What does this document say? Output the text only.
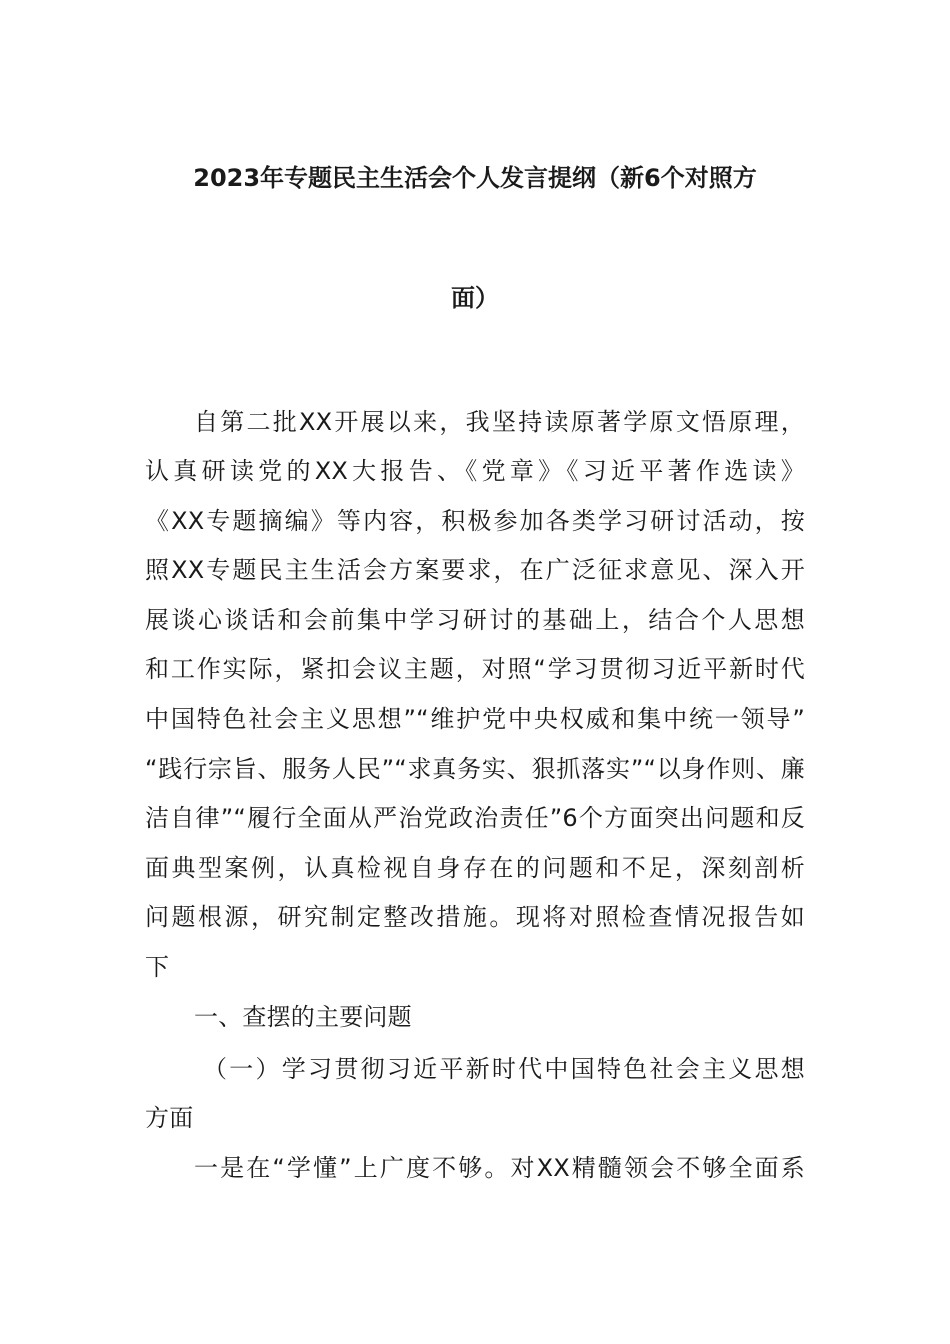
2023年专题民主生活会个人发言提纲（新6个对照方
面）
自第二批XX开展以来，我坚持读原著学原文悟原理，
认真研读党的XX大报告、《党章》《习近平著作选读》
《XX专题摘编》等内容，积极参加各类学习研讨活动，按
照XX专题民主生活会方案要求，在广泛征求意见、深入开
展谈心谈话和会前集中学习研讨的基础上，结合个人思想
和工作实际，紧扣会议主题，对照“学习贯彻习近平新时代
中国特色社会主义思想”“维护党中央权威和集中统一领导”
“践行宗旨、服务人民”“求真务实、狠抓落实”“以身作则、廉
洁自律”“履行全面从严治党政治责任”6个方面突出问题和反
面典型案例，认真检视自身存在的问题和不足，深刻剖析
问题根源，研究制定整改措施。现将对照检查情况报告如
下
一、查摆的主要问题
（一）学习贯彻习近平新时代中国特色社会主义思想
方面
一是在“学懂”上广度不够。对XX精髓领会不够全面系
